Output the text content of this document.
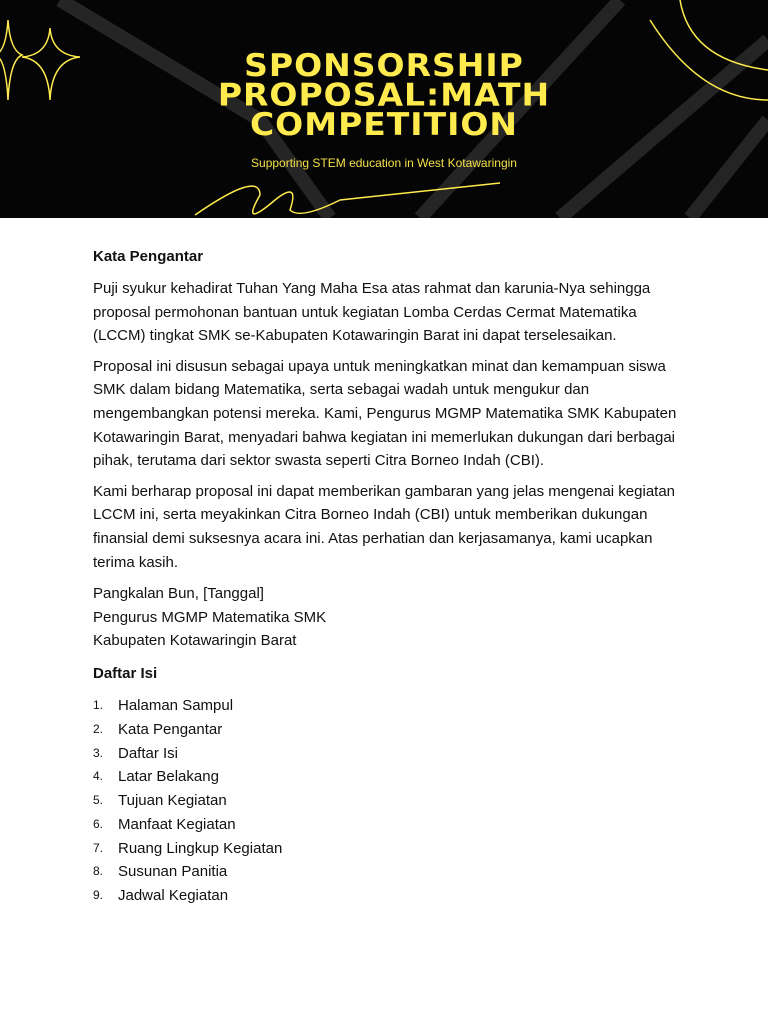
SPONSORSHIP
PROPOSAL:MATH
COMPETITION
Supporting STEM education in West Kotawaringin
Kata Pengantar

Puji syukur kehadirat Tuhan Yang Maha Esa atas rahmat dan karunia-Nya sehingga proposal permohonan bantuan untuk kegiatan Lomba Cerdas Cermat Matematika (LCCM) tingkat SMK se-Kabupaten Kotawaringin Barat ini dapat terselesaikan.

Proposal ini disusun sebagai upaya untuk meningkatkan minat dan kemampuan siswa SMK dalam bidang Matematika, serta sebagai wadah untuk mengukur dan mengembangkan potensi mereka. Kami, Pengurus MGMP Matematika SMK Kabupaten Kotawaringin Barat, menyadari bahwa kegiatan ini memerlukan dukungan dari berbagai pihak, terutama dari sektor swasta seperti Citra Borneo Indah (CBI).

Kami berharap proposal ini dapat memberikan gambaran yang jelas mengenai kegiatan LCCM ini, serta meyakinkan Citra Borneo Indah (CBI) untuk memberikan dukungan finansial demi suksesnya acara ini. Atas perhatian dan kerjasamanya, kami ucapkan terima kasih.

Pangkalan Bun, [Tanggal]
Pengurus MGMP Matematika SMK
Kabupaten Kotawaringin Barat
Daftar Isi
1. Halaman Sampul
2. Kata Pengantar
3. Daftar Isi
4. Latar Belakang
5. Tujuan Kegiatan
6. Manfaat Kegiatan
7. Ruang Lingkup Kegiatan
8. Susunan Panitia
9. Jadwal Kegiatan
